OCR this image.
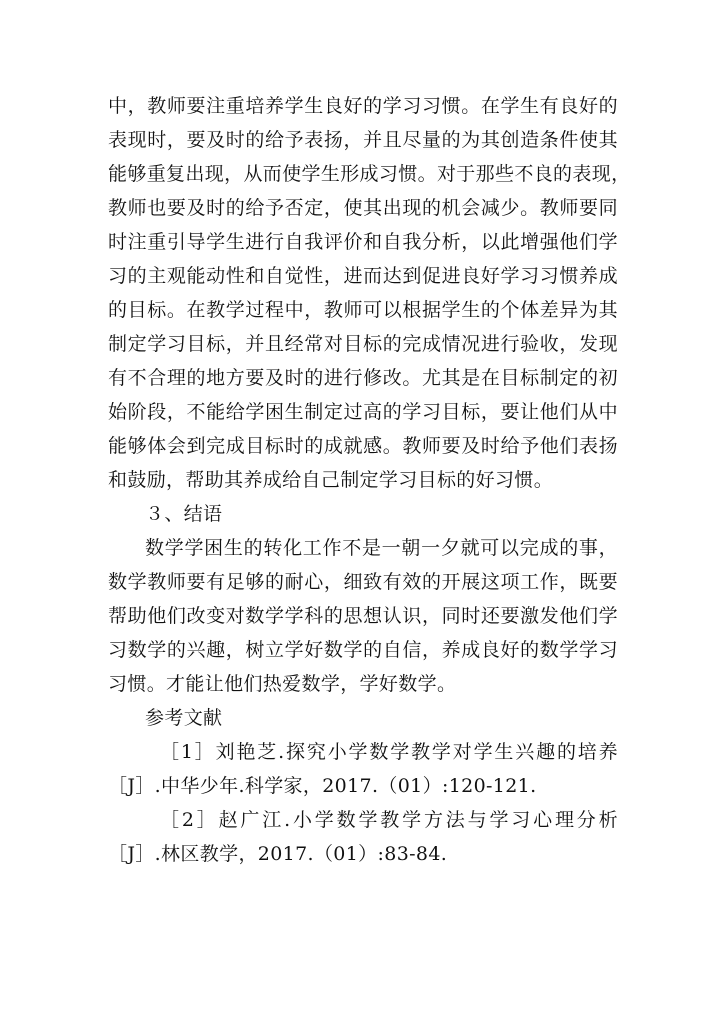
中，教师要注重培养学生良好的学习习惯。在学生有良好的
表现时，要及时的给予表扬，并且尽量的为其创造条件使其
能够重复出现，从而使学生形成习惯。对于那些不良的表现，
教师也要及时的给予否定，使其出现的机会减少。教师要同
时注重引导学生进行自我评价和自我分析，以此增强他们学
习的主观能动性和自觉性，进而达到促进良好学习习惯养成
的目标。在教学过程中，教师可以根据学生的个体差异为其
制定学习目标，并且经常对目标的完成情况进行验收，发现
有不合理的地方要及时的进行修改。尤其是在目标制定的初
始阶段，不能给学困生制定过高的学习目标，要让他们从中
能够体会到完成目标时的成就感。教师要及时给予他们表扬
和鼓励，帮助其养成给自己制定学习目标的好习惯。
３、结语
数学学困生的转化工作不是一朝一夕就可以完成的事，
数学教师要有足够的耐心，细致有效的开展这项工作，既要
帮助他们改变对数学学科的思想认识，同时还要激发他们学
习数学的兴趣，树立学好数学的自信，养成良好的数学学习
习惯。才能让他们热爱数学，学好数学。
参考文献
［1］刘艳芝.探究小学数学教学对学生兴趣的培养
［J］.中华少年.科学家，2017.（01）:120-121.
［2］赵广江.小学数学教学方法与学习心理分析
［J］.林区教学，2017.（01）:83-84.
